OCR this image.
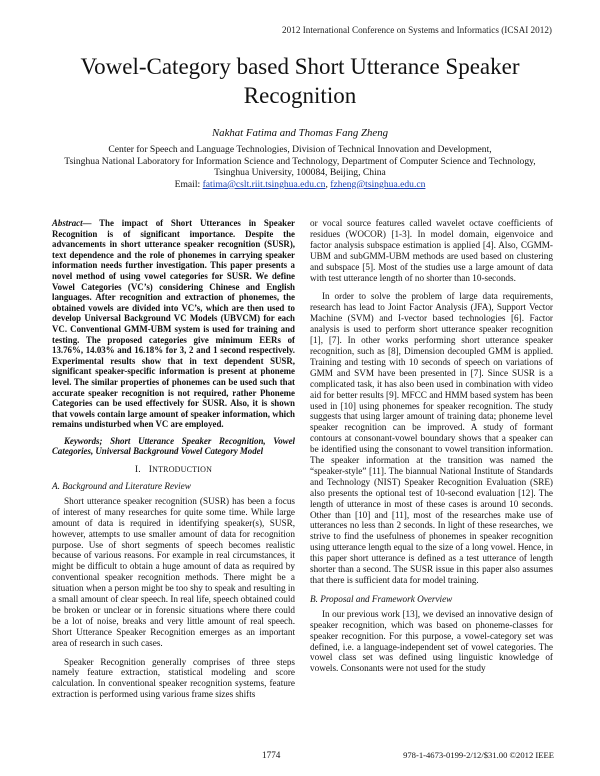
2012 International Conference on Systems and Informatics (ICSAI 2012)
Vowel-Category based Short Utterance Speaker Recognition
Nakhat Fatima and Thomas Fang Zheng
Center for Speech and Language Technologies, Division of Technical Innovation and Development,
Tsinghua National Laboratory for Information Science and Technology, Department of Computer Science and Technology,
Tsinghua University, 100084, Beijing, China
Email: fatima@cslt.riit.tsinghua.edu.cn, fzheng@tsinghua.edu.cn

Abstract— The impact of Short Utterances in Speaker Recognition is of significant importance. Despite the advancements in short utterance speaker recognition (SUSR), text dependence and the role of phonemes in carrying speaker information needs further investigation. This paper presents a novel method of using vowel categories for SUSR. We define Vowel Categories (VC’s) considering Chinese and English languages. After recognition and extraction of phonemes, the obtained vowels are divided into VC’s, which are then used to develop Universal Background VC Models (UBVCM) for each VC. Conventional GMM-UBM system is used for training and testing. The proposed categories give minimum EERs of 13.76%, 14.03% and 16.18% for 3, 2 and 1 second respectively. Experimental results show that in text dependent SUSR, significant speaker-specific information is present at phoneme level. The similar properties of phonemes can be used such that accurate speaker recognition is not required, rather Phoneme Categories can be used effectively for SUSR. Also, it is shown that vowels contain large amount of speaker information, which remains undisturbed when VC are employed.

Keywords; Short Utterance Speaker Recognition, Vowel Categories, Universal Background Vowel Category Model

I. INTRODUCTION

A. Background and Literature Review

Short utterance speaker recognition (SUSR) has been a focus of interest of many researches for quite some time. While large amount of data is required in identifying speaker(s), SUSR, however, attempts to use smaller amount of data for recognition purpose. Use of short segments of speech becomes realistic because of various reasons. For example in real circumstances, it might be difficult to obtain a huge amount of data as required by conventional speaker recognition methods. There might be a situation when a person might be too shy to speak and resulting in a small amount of clear speech. In real life, speech obtained could be broken or unclear or in forensic situations where there could be a lot of noise, breaks and very little amount of real speech. Short Utterance Speaker Recognition emerges as an important area of research in such cases.

Speaker Recognition generally comprises of three steps namely feature extraction, statistical modeling and score calculation. In conventional speaker recognition systems, feature extraction is performed using various frame sizes shifts

or vocal source features called wavelet octave coefficients of residues (WOCOR) [1-3]. In model domain, eigenvoice and factor analysis subspace estimation is applied [4]. Also, CGMM-UBM and subGMM-UBM methods are used based on clustering and subspace [5]. Most of the studies use a large amount of data with test utterance length of no shorter than 10-seconds.

In order to solve the problem of large data requirements, research has lead to Joint Factor Analysis (JFA), Support Vector Machine (SVM) and I-vector based technologies [6]. Factor analysis is used to perform short utterance speaker recognition [1], [7]. In other works performing short utterance speaker recognition, such as [8], Dimension decoupled GMM is applied. Training and testing with 10 seconds of speech on variations of GMM and SVM have been presented in [7]. Since SUSR is a complicated task, it has also been used in combination with video aid for better results [9]. MFCC and HMM based system has been used in [10] using phonemes for speaker recognition. The study suggests that using larger amount of training data; phoneme level speaker recognition can be improved. A study of formant contours at consonant-vowel boundary shows that a speaker can be identified using the consonant to vowel transition information. The speaker information at the transition was named the “speaker-style” [11]. The biannual National Institute of Standards and Technology (NIST) Speaker Recognition Evaluation (SRE) also presents the optional test of 10-second evaluation [12]. The length of utterance in most of these cases is around 10 seconds. Other than [10] and [11], most of the researches make use of utterances no less than 2 seconds. In light of these researches, we strive to find the usefulness of phonemes in speaker recognition using utterance length equal to the size of a long vowel. Hence, in this paper short utterance is defined as a test utterance of length shorter than a second. The SUSR issue in this paper also assumes that there is sufficient data for model training.

B. Proposal and Framework Overview

In our previous work [13], we devised an innovative design of speaker recognition, which was based on phoneme-classes for speaker recognition. For this purpose, a vowel-category set was defined, i.e. a language-independent set of vowel categories. The vowel class set was defined using linguistic knowledge of vowels. Consonants were not used for the study

1774	978-1-4673-0199-2/12/$31.00 ©2012 IEEE
